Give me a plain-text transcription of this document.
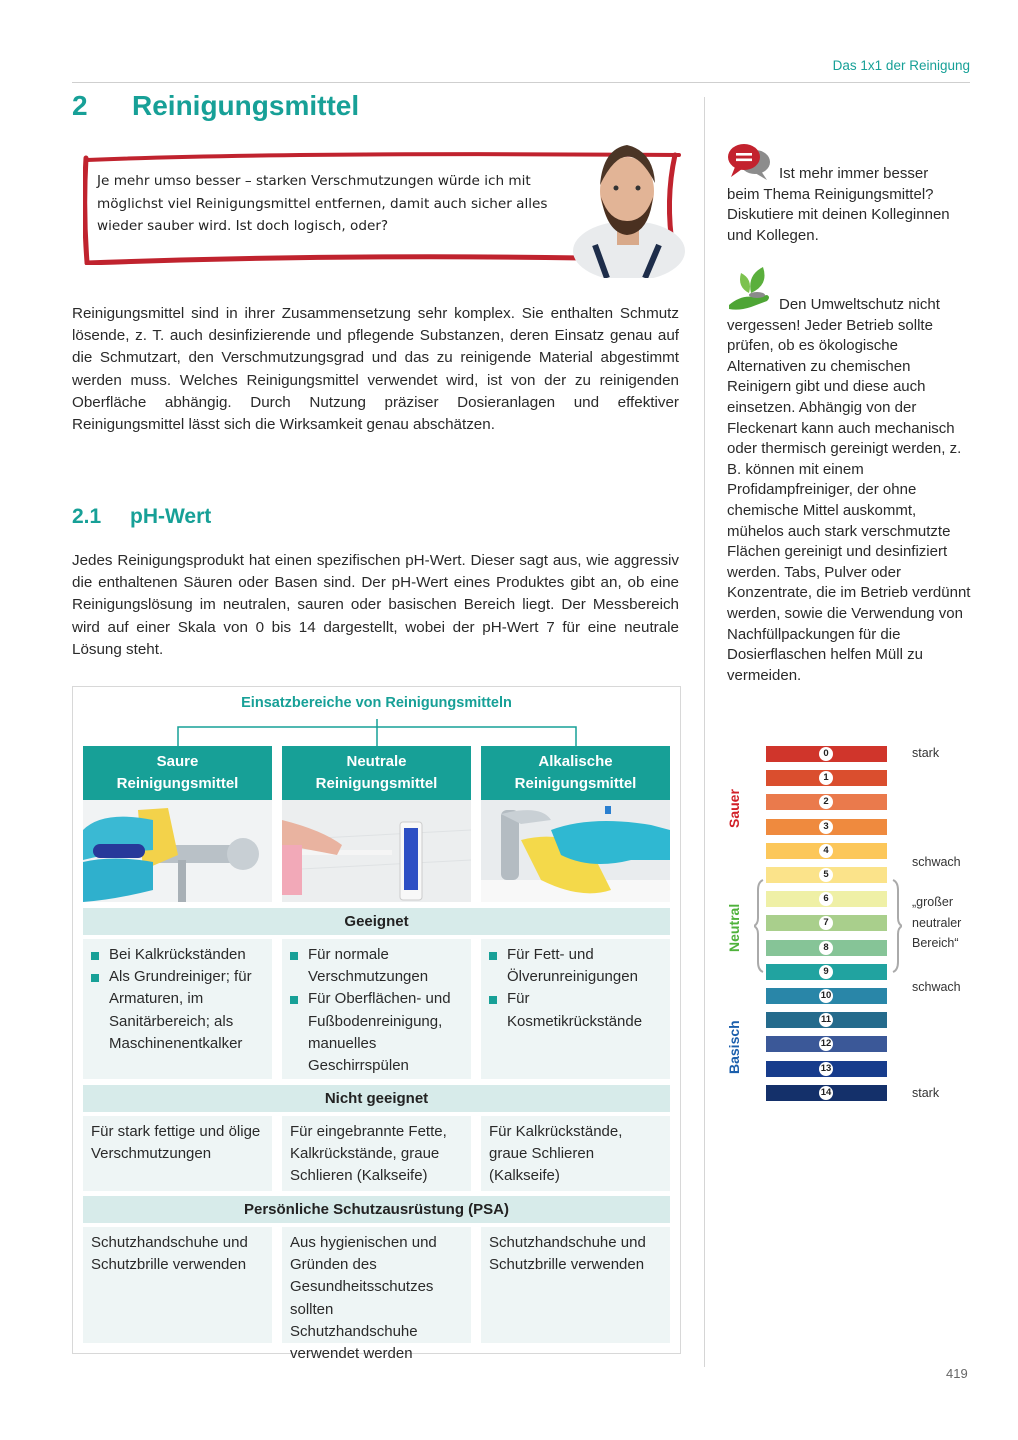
Das 1x1 der Reinigung
2 Reinigungsmittel

Je mehr umso besser – starken Verschmutzungen würde ich mit möglichst viel Reinigungsmittel entfernen, damit auch sicher alles wieder sauber wird. Ist doch logisch, oder?

Reinigungsmittel sind in ihrer Zusammensetzung sehr komplex. Sie enthalten Schmutz lösende, z. T. auch desinfizierende und pflegende Substanzen, deren Einsatz genau auf die Schmutzart, den Verschmutzungsgrad und das zu reinigende Material abgestimmt werden muss. Welches Reinigungsmittel verwendet wird, ist von der zu reinigenden Oberfläche abhängig. Durch Nutzung präziser Dosieranlagen und effektiver Reinigungsmittel lässt sich die Wirksamkeit genau abschätzen.

2.1 pH-Wert

Jedes Reinigungsprodukt hat einen spezifischen pH-Wert. Dieser sagt aus, wie aggressiv die enthaltenen Säuren oder Basen sind. Der pH-Wert eines Produktes gibt an, ob eine Reinigungslösung im neutralen, sauren oder basischen Bereich liegt. Der Messbereich wird auf einer Skala von 0 bis 14 dargestellt, wobei der pH-Wert 7 für eine neutrale Lösung steht.

Ist mehr immer besser
beim Thema Reinigungsmittel? Diskutiere mit deinen Kolleginnen und Kollegen.
Den Umweltschutz nicht
vergessen! Jeder Betrieb sollte prüfen, ob es ökologische Alternativen zu chemischen Reinigern gibt und diese auch einsetzen. Abhängig von der Fleckenart kann auch mechanisch oder thermisch gereinigt werden, z. B. können mit einem Profidampfreiniger, der ohne chemische Mittel auskommt, mühelos auch stark verschmutzte Flächen gereinigt und desinfiziert werden. Tabs, Pulver oder Konzentrate, die im Betrieb verdünnt werden, sowie die Verwendung von Nachfüllpackungen für die Dosierflaschen helfen Müll zu vermeiden.
Einsatzbereiche von Reinigungsmitteln
Saure
Reinigungsmittel
Neutrale
Reinigungsmittel
Alkalische
Reinigungsmittel
Geeignet
Bei Kalkrückständen
Als Grundreiniger; für Armaturen, im Sanitärbereich; als Maschinenentkalker
Für normale Verschmutzungen
Für Oberflächen- und Fußbodenreinigung, manuelles Geschirrspülen
Für Fett- und Ölverunreinigungen
Für Kosmetikrückstände
Nicht geeignet
Für stark fettige und ölige Verschmutzungen
Für eingebrannte Fette, Kalkrückstände, graue Schlieren (Kalkseife)
Für Kalkrückstände, graue Schlieren (Kalkseife)
Persönliche Schutzausrüstung (PSA)
Schutzhandschuhe und Schutzbrille verwenden
Aus hygienischen und Gründen des Gesundheitsschutzes sollten Schutzhandschuhe verwendet werden
Schutzhandschuhe und Schutzbrille verwenden
0
1
2
3
4
5
6
7
8
9
10
11
12
13
14
Sauer
Neutral
Basisch
stark
schwach
„großer
neutraler
Bereich“
schwach
stark
419
